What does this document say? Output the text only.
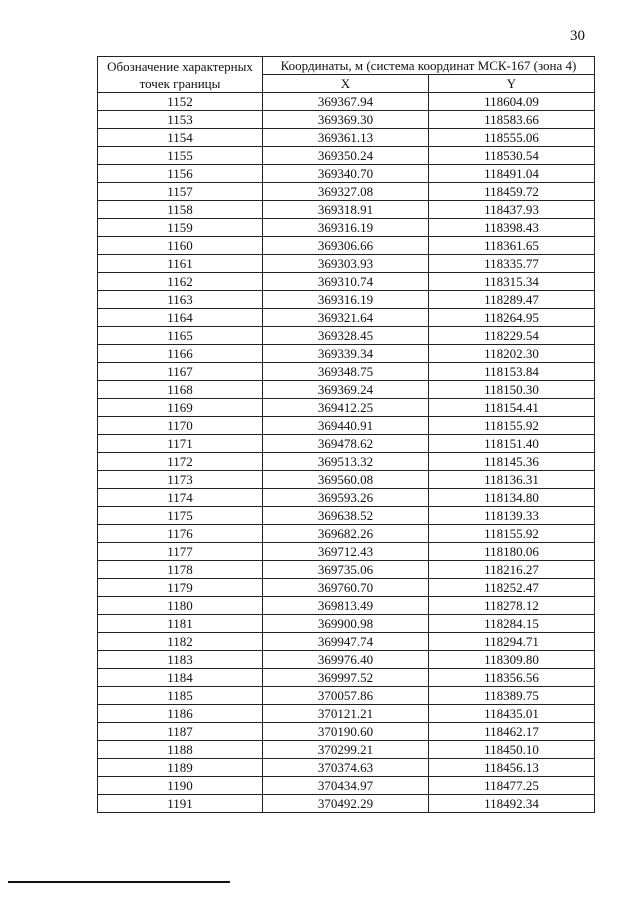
30
Обозначение характерных точек границы	Координаты, м (система координат МСК-167 (зона 4)	
	X	Y
1152	369367.94	118604.09
1153	369369.30	118583.66
1154	369361.13	118555.06
1155	369350.24	118530.54
1156	369340.70	118491.04
1157	369327.08	118459.72
1158	369318.91	118437.93
1159	369316.19	118398.43
1160	369306.66	118361.65
1161	369303.93	118335.77
1162	369310.74	118315.34
1163	369316.19	118289.47
1164	369321.64	118264.95
1165	369328.45	118229.54
1166	369339.34	118202.30
1167	369348.75	118153.84
1168	369369.24	118150.30
1169	369412.25	118154.41
1170	369440.91	118155.92
1171	369478.62	118151.40
1172	369513.32	118145.36
1173	369560.08	118136.31
1174	369593.26	118134.80
1175	369638.52	118139.33
1176	369682.26	118155.92
1177	369712.43	118180.06
1178	369735.06	118216.27
1179	369760.70	118252.47
1180	369813.49	118278.12
1181	369900.98	118284.15
1182	369947.74	118294.71
1183	369976.40	118309.80
1184	369997.52	118356.56
1185	370057.86	118389.75
1186	370121.21	118435.01
1187	370190.60	118462.17
1188	370299.21	118450.10
1189	370374.63	118456.13
1190	370434.97	118477.25
1191	370492.29	118492.34
